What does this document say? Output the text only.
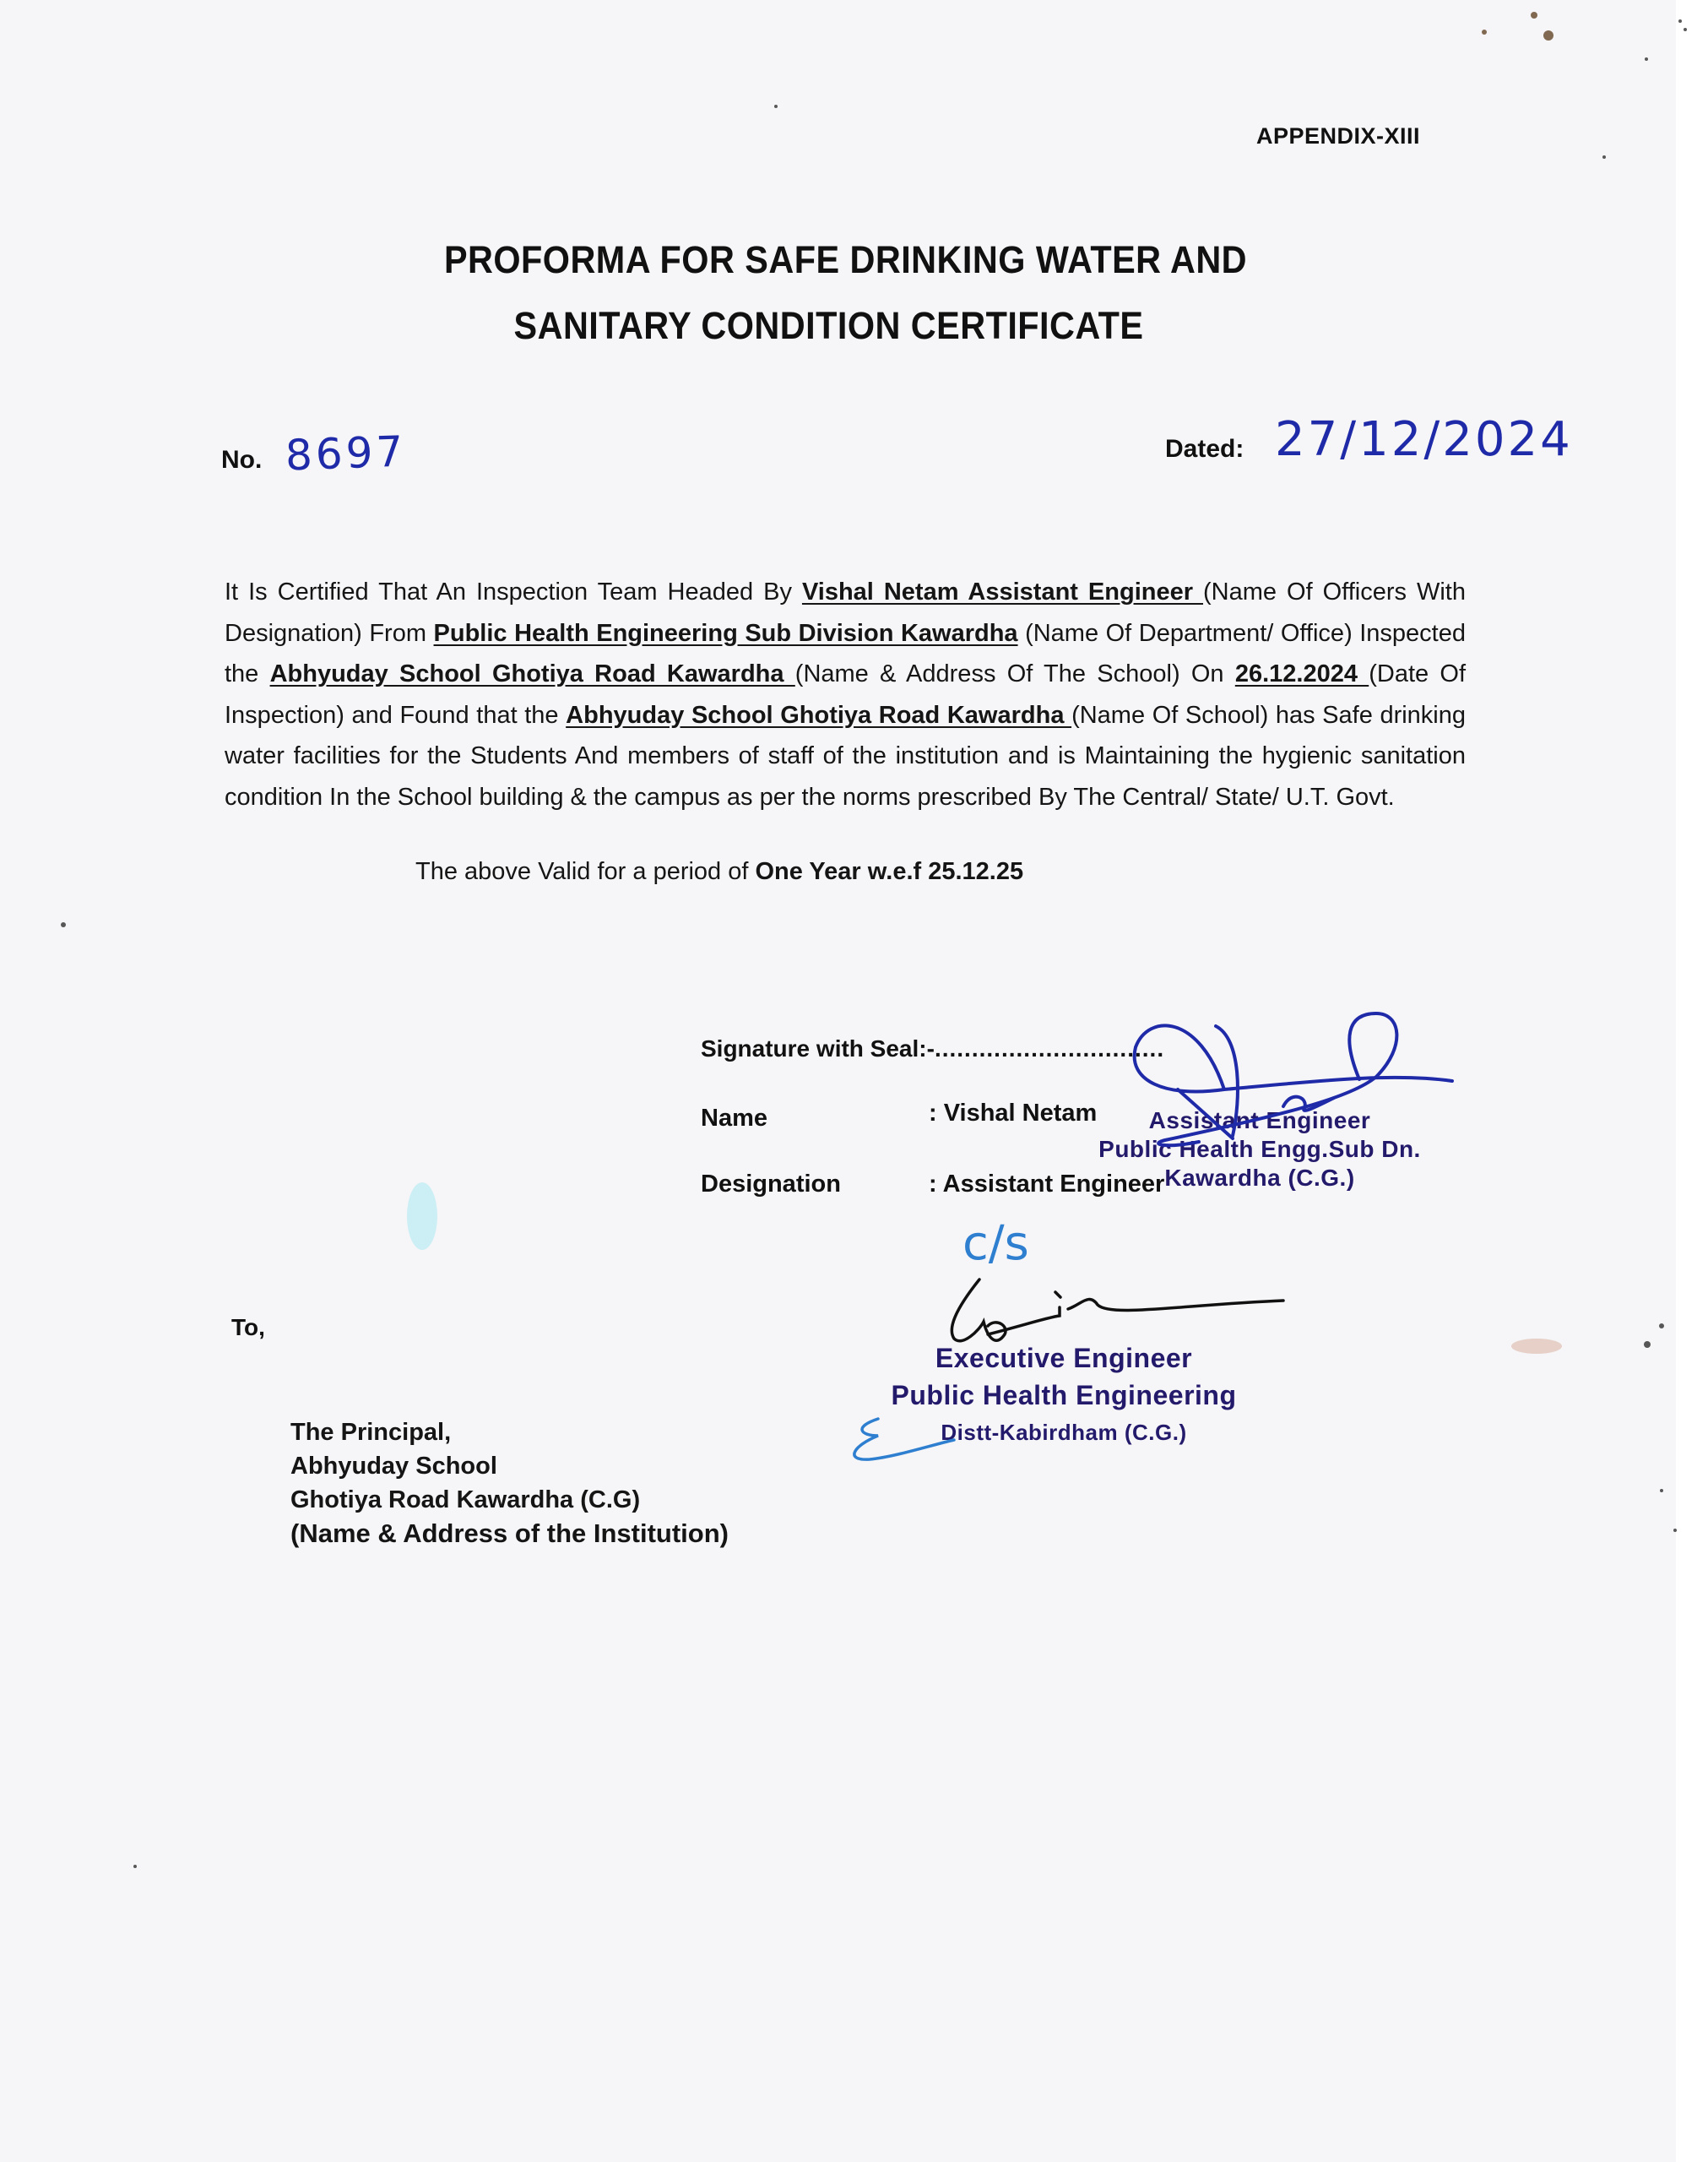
APPENDIX-XIII
PROFORMA FOR SAFE DRINKING WATER AND
SANITARY CONDITION CERTIFICATE
No. 8697	Dated: 27/12/2024
It Is Certified That An Inspection Team Headed By Vishal Netam Assistant Engineer (Name Of Officers With Designation) From Public Health Engineering Sub Division Kawardha (Name Of Department/ Office) Inspected the Abhyuday School Ghotiya Road Kawardha (Name & Address Of The School) On 26.12.2024 (Date Of Inspection) and Found that the Abhyuday School Ghotiya Road Kawardha (Name Of School) has Safe drinking water facilities for the Students And members of staff of the institution and is Maintaining the hygienic sanitation condition In the School building & the campus as per the norms prescribed By The Central/ State/ U.T. Govt.
The above Valid for a period of One Year w.e.f 25.12.25
Signature with Seal:-...............................
Name	: Vishal Netam
Designation	: Assistant Engineer
Assistant Engineer
Public Health Engg.Sub Dn.
Kawardha (C.G.)
c/s
Executive Engineer
Public Health Engineering
Distt-Kabirdham (C.G.)
To,
The Principal,
Abhyuday School
Ghotiya Road Kawardha (C.G)
(Name & Address of the Institution)
